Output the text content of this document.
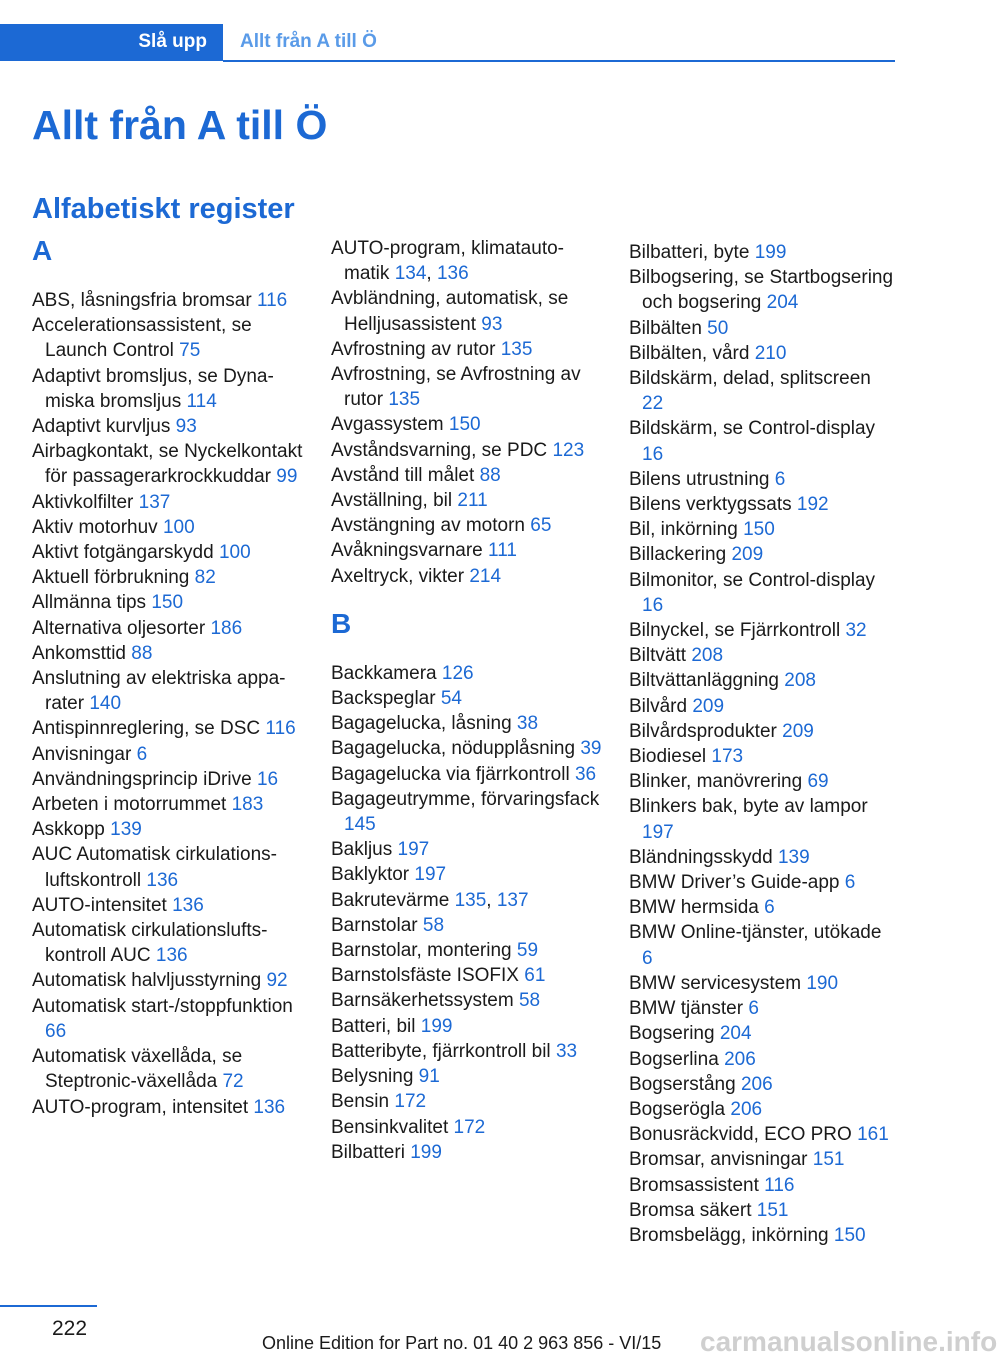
Slå upp Allt från A till Ö
Allt från A till Ö
Alfabetiskt register
A
ABS, låsningsfria bromsar 116
Accelerationsassistent, se Launch Control 75
Adaptivt bromsljus, se Dynamiska bromsljus 114
Adaptivt kurvljus 93
Airbagkontakt, se Nyckelkontakt för passagerarkrockkuddar 99
Aktivkolfilter 137
Aktiv motorhuv 100
Aktivt fotgängarskydd 100
Aktuell förbrukning 82
Allmänna tips 150
Alternativa oljesorter 186
Ankomsttid 88
Anslutning av elektriska apparater 140
Antispinnreglering, se DSC 116
Anvisningar 6
Användningsprincip iDrive 16
Arbeten i motorrummet 183
Askkopp 139
AUC Automatisk cirkulationsluftskontroll 136
AUTO-intensitet 136
Automatisk cirkulationsluftskontroll AUC 136
Automatisk halvljusstyrning 92
Automatisk start-/stoppfunktion 66
Automatisk växellåda, se Steptronic-växellåda 72
AUTO-program, intensitet 136
AUTO-program, klimatautomatik 134, 136
Avbländning, automatisk, se Helljusassistent 93
Avfrostning av rutor 135
Avfrostning, se Avfrostning av rutor 135
Avgassystem 150
Avståndsvarning, se PDC 123
Avstånd till målet 88
Avställning, bil 211
Avstängning av motorn 65
Avåkningsvarnare 111
Axeltryck, vikter 214
B
Backkamera 126
Backspeglar 54
Bagagelucka, låsning 38
Bagagelucka, nödupplåsning 39
Bagagelucka via fjärrkontroll 36
Bagageutrymme, förvaringsfack 145
Bakljus 197
Baklyktor 197
Bakrutevärme 135, 137
Barnstolar 58
Barnstolar, montering 59
Barnstolsfäste ISOFIX 61
Barnsäkerhetssystem 58
Batteri, bil 199
Batteribyte, fjärrkontroll bil 33
Belysning 91
Bensin 172
Bensinkvalitet 172
Bilbatteri 199
Bilbatteri, byte 199
Bilbogsering, se Startbogsering och bogsering 204
Bilbälten 50
Bilbälten, vård 210
Bildskärm, delad, splitscreen 22
Bildskärm, se Control-display 16
Bilens utrustning 6
Bilens verktygssats 192
Bil, inkörning 150
Billackering 209
Bilmonitor, se Control-display 16
Bilnyckel, se Fjärrkontroll 32
Biltvätt 208
Biltvättanläggning 208
Bilvård 209
Bilvårdsprodukter 209
Biodiesel 173
Blinker, manövrering 69
Blinkers bak, byte av lampor 197
Bländningsskydd 139
BMW Driver’s Guide-app 6
BMW hermsida 6
BMW Online-tjänster, utökade 6
BMW servicesystem 190
BMW tjänster 6
Bogsering 204
Bogserlina 206
Bogserstång 206
Bogserögla 206
Bonusräckvidd, ECO PRO 161
Bromsar, anvisningar 151
Bromsassistent 116
Bromsa säkert 151
Bromsbelägg, inkörning 150
222
Online Edition for Part no. 01 40 2 963 856 - VI/15 carmanualsonline.info
